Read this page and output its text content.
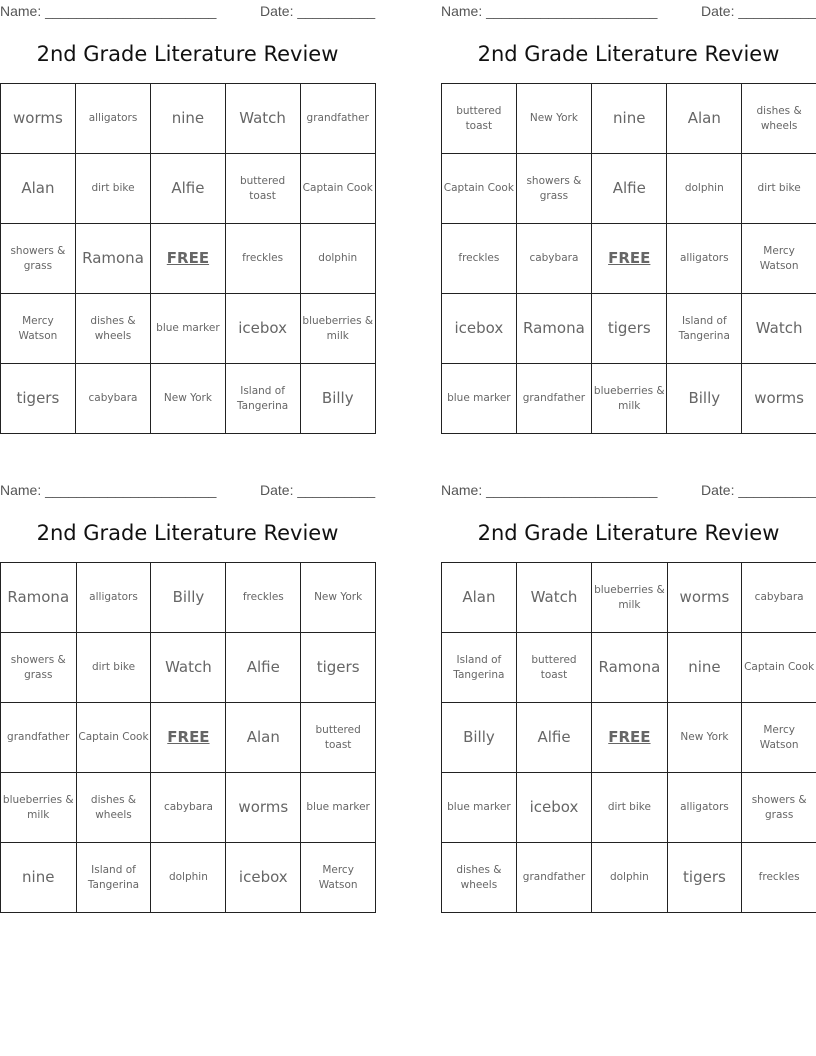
Name: ______________________	Date: __________
2nd Grade Literature Review
worms	alligators	nine	Watch	grandfather
Alan	dirt bike	Alfie	buttered toast	Captain Cook
showers & grass	Ramona	FREE	freckles	dolphin
Mercy Watson	dishes & wheels	blue marker	icebox	blueberries & milk
tigers	cabybara	New York	Island of Tangerina	Billy
Name: ______________________	Date: __________
2nd Grade Literature Review
buttered toast	New York	nine	Alan	dishes & wheels
Captain Cook	showers & grass	Alfie	dolphin	dirt bike
freckles	cabybara	FREE	alligators	Mercy Watson
icebox	Ramona	tigers	Island of Tangerina	Watch
blue marker	grandfather	blueberries & milk	Billy	worms
Name: ______________________	Date: __________
2nd Grade Literature Review
Ramona	alligators	Billy	freckles	New York
showers & grass	dirt bike	Watch	Alfie	tigers
grandfather	Captain Cook	FREE	Alan	buttered toast
blueberries & milk	dishes & wheels	cabybara	worms	blue marker
nine	Island of Tangerina	dolphin	icebox	Mercy Watson
Name: ______________________	Date: __________
2nd Grade Literature Review
Alan	Watch	blueberries & milk	worms	cabybara
Island of Tangerina	buttered toast	Ramona	nine	Captain Cook
Billy	Alfie	FREE	New York	Mercy Watson
blue marker	icebox	dirt bike	alligators	showers & grass
dishes & wheels	grandfather	dolphin	tigers	freckles
